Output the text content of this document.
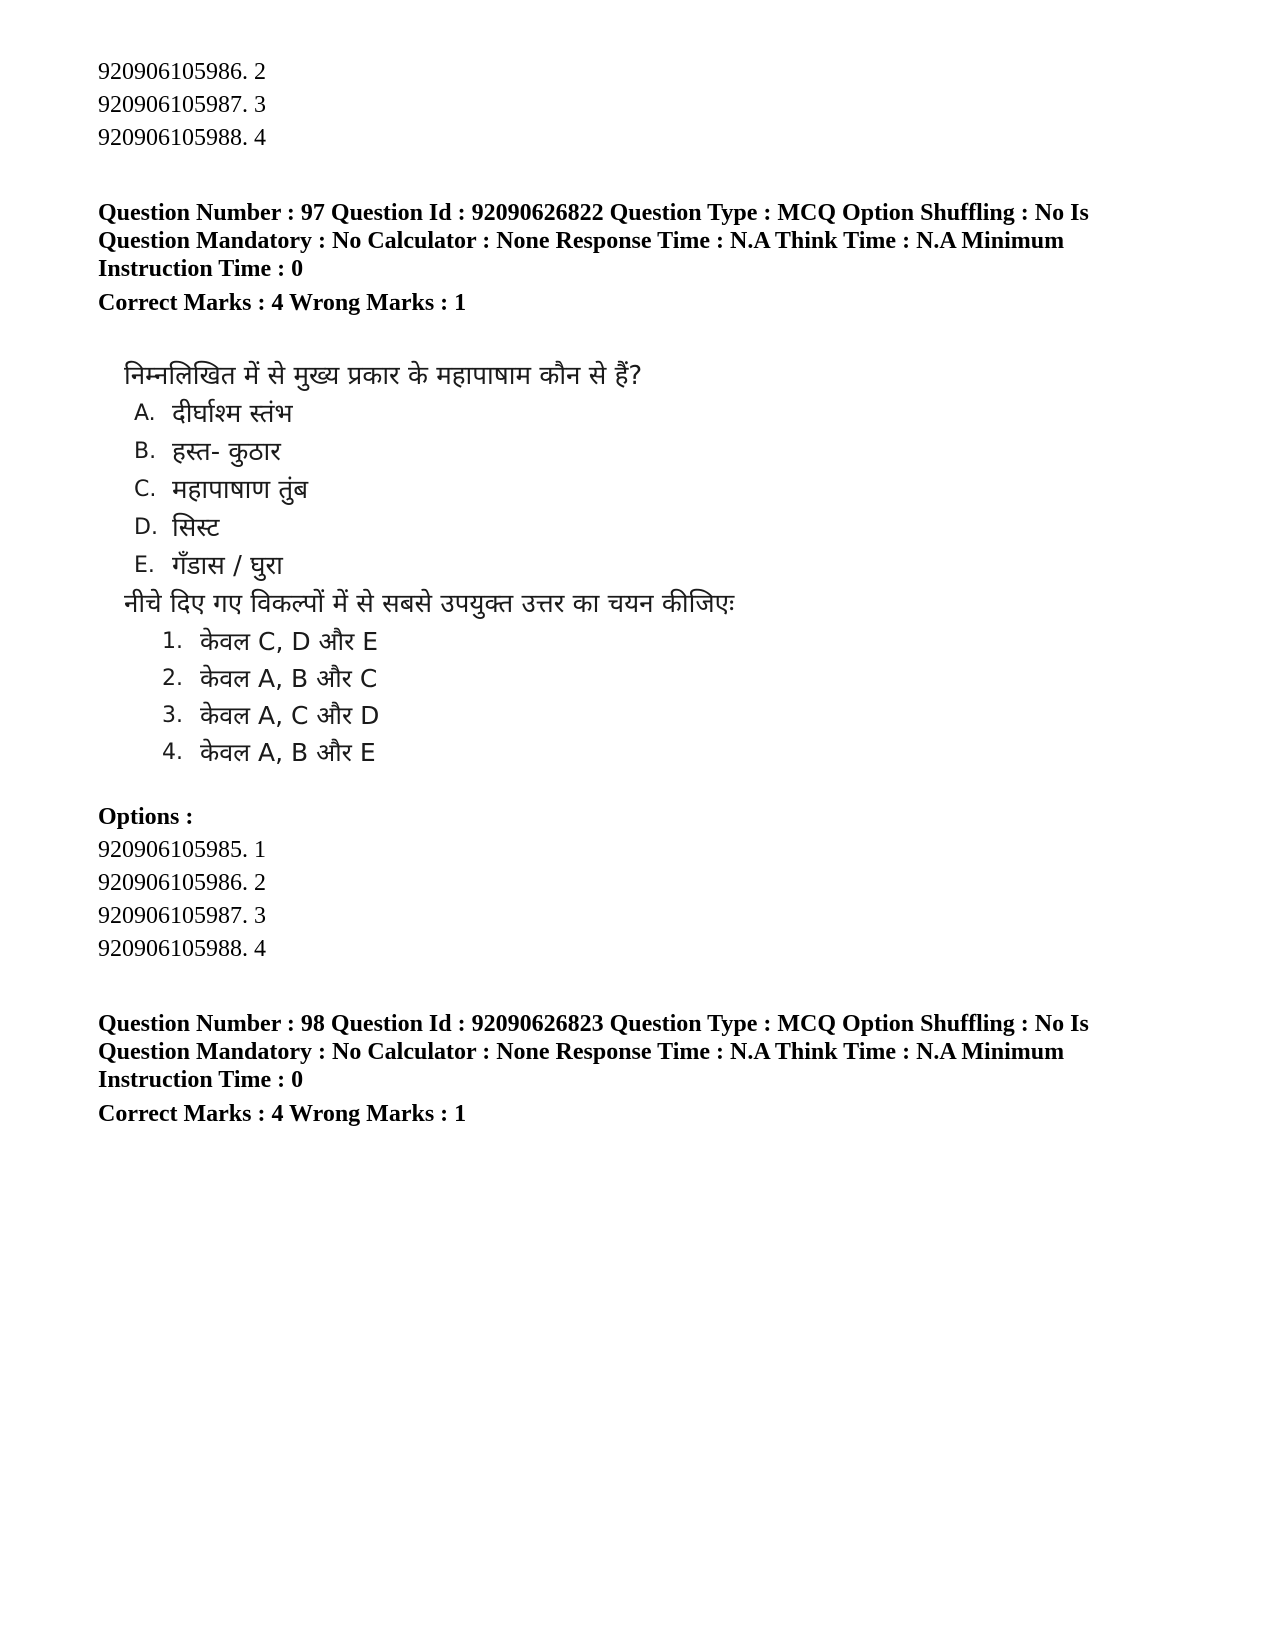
920906105986. 2

920906105987. 3

920906105988. 4

Question Number : 97 Question Id : 92090626822 Question Type : MCQ Option Shuffling : No Is Question Mandatory : No Calculator : None Response Time : N.A Think Time : N.A Minimum Instruction Time : 0

Correct Marks : 4 Wrong Marks : 1

निम्नलिखित में से मुख्य प्रकार के महापाषाम कौन से हैं?
A. दीर्घाश्म स्तंभ
B. हस्त- कुठार
C. महापाषाण तुंब
D. सिस्ट
E. गँडास / घुरा
नीचे दिए गए विकल्पों में से सबसे उपयुक्त उत्तर का चयन कीजिएः
1. केवल C, D और E
2. केवल A, B और C
3. केवल A, C और D
4. केवल A, B और E
Options :

920906105985. 1

920906105986. 2

920906105987. 3

920906105988. 4

Question Number : 98 Question Id : 92090626823 Question Type : MCQ Option Shuffling : No Is Question Mandatory : No Calculator : None Response Time : N.A Think Time : N.A Minimum Instruction Time : 0

Correct Marks : 4 Wrong Marks : 1
